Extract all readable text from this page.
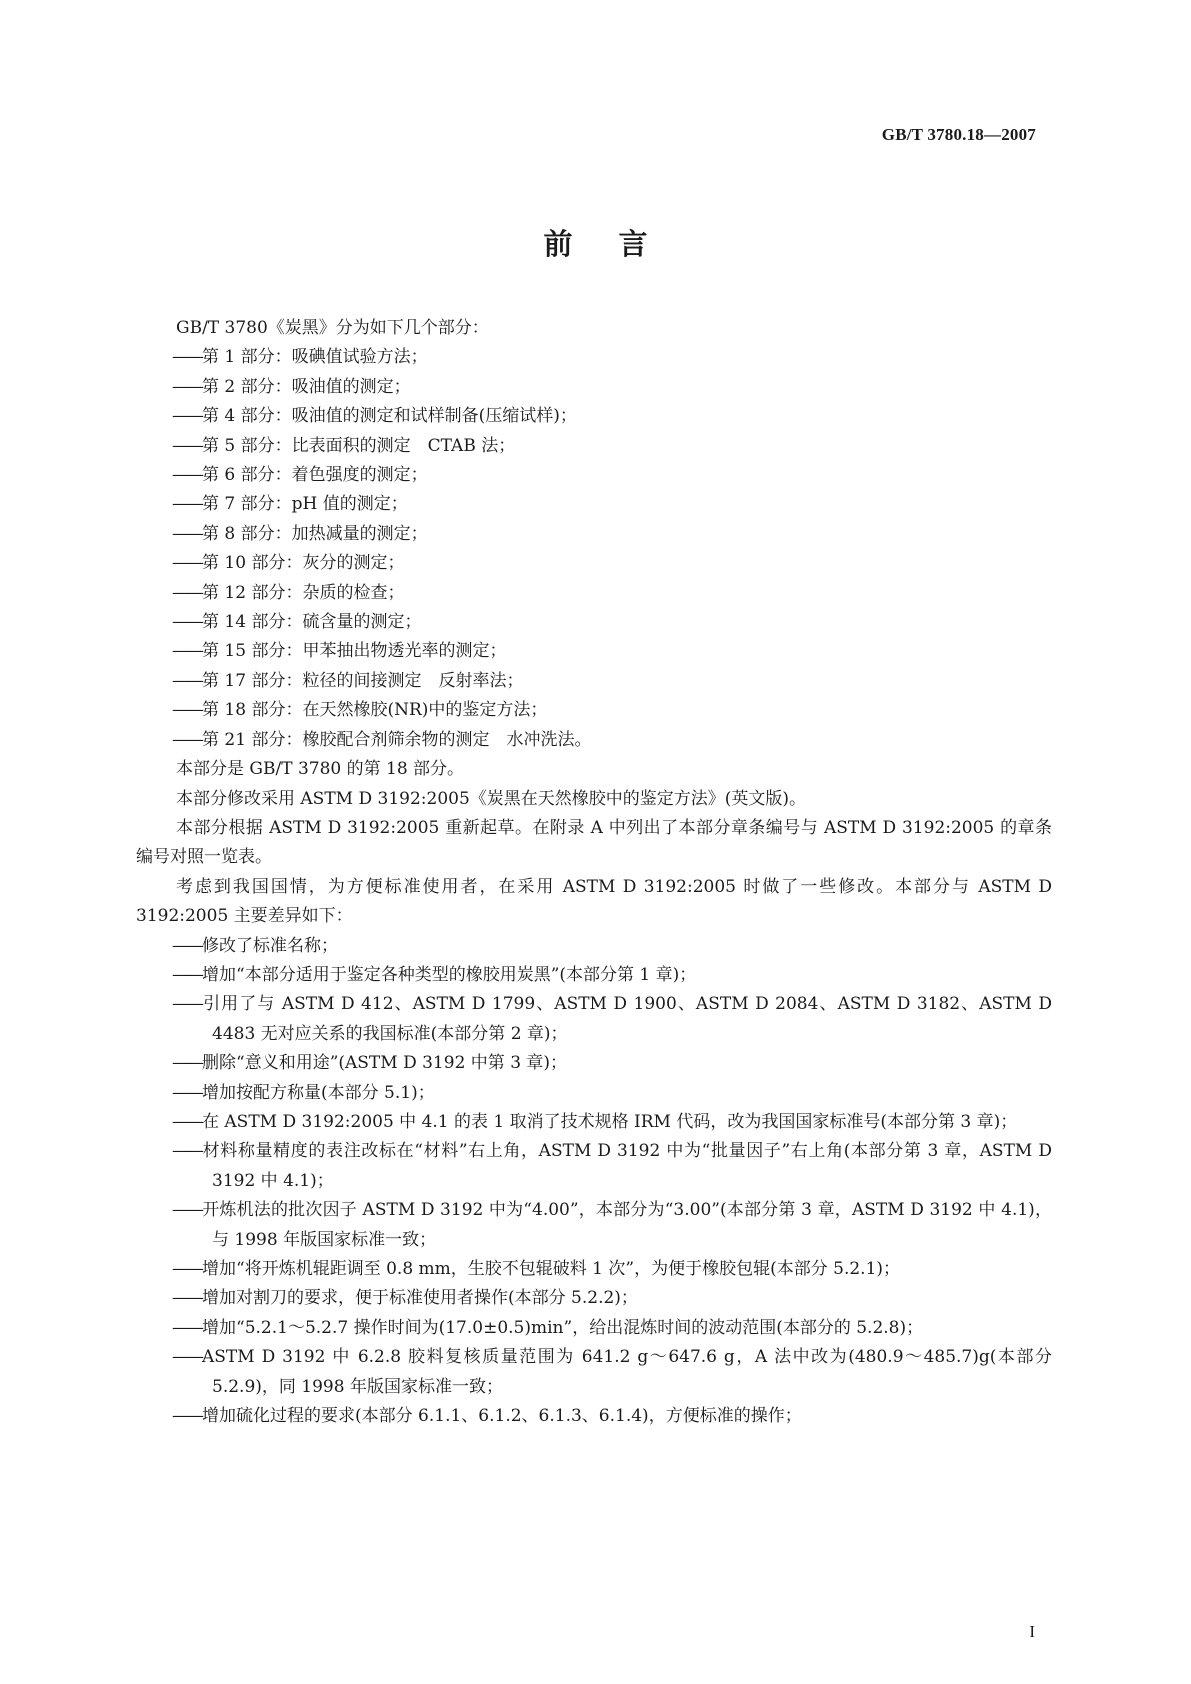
GB/T 3780.18—2007
前言

GB/T 3780《炭黑》分为如下几个部分：

——第 1 部分：吸碘值试验方法；

——第 2 部分：吸油值的测定；

——第 4 部分：吸油值的测定和试样制备(压缩试样)；

——第 5 部分：比表面积的测定　CTAB 法；

——第 6 部分：着色强度的测定；

——第 7 部分：pH 值的测定；

——第 8 部分：加热减量的测定；

——第 10 部分：灰分的测定；

——第 12 部分：杂质的检查；

——第 14 部分：硫含量的测定；

——第 15 部分：甲苯抽出物透光率的测定；

——第 17 部分：粒径的间接测定　反射率法；

——第 18 部分：在天然橡胶(NR)中的鉴定方法；

——第 21 部分：橡胶配合剂筛余物的测定　水冲洗法。

本部分是 GB/T 3780 的第 18 部分。

本部分修改采用 ASTM D 3192:2005《炭黑在天然橡胶中的鉴定方法》(英文版)。

本部分根据 ASTM D 3192:2005 重新起草。在附录 A 中列出了本部分章条编号与 ASTM D 3192:2005 的章条编号对照一览表。

考虑到我国国情，为方便标准使用者，在采用 ASTM D 3192:2005 时做了一些修改。本部分与 ASTM D 3192:2005 主要差异如下：

——修改了标准名称；

——增加“本部分适用于鉴定各种类型的橡胶用炭黑”(本部分第 1 章)；

——引用了与 ASTM D 412、ASTM D 1799、ASTM D 1900、ASTM D 2084、ASTM D 3182、ASTM D 4483 无对应关系的我国标准(本部分第 2 章)；

——删除“意义和用途”(ASTM D 3192 中第 3 章)；

——增加按配方称量(本部分 5.1)；

——在 ASTM D 3192:2005 中 4.1 的表 1 取消了技术规格 IRM 代码，改为我国国家标准号(本部分第 3 章)；

——材料称量精度的表注改标在“材料”右上角，ASTM D 3192 中为“批量因子”右上角(本部分第 3 章，ASTM D 3192 中 4.1)；

——开炼机法的批次因子 ASTM D 3192 中为“4.00”，本部分为“3.00”(本部分第 3 章，ASTM D 3192 中 4.1)，与 1998 年版国家标准一致；

——增加“将开炼机辊距调至 0.8 mm，生胶不包辊破料 1 次”，为便于橡胶包辊(本部分 5.2.1)；

——增加对割刀的要求，便于标准使用者操作(本部分 5.2.2)；

——增加“5.2.1～5.2.7 操作时间为(17.0±0.5)min”，给出混炼时间的波动范围(本部分的 5.2.8)；

——ASTM D 3192 中 6.2.8 胶料复核质量范围为 641.2 g～647.6 g，A 法中改为(480.9～485.7)g(本部分 5.2.9)，同 1998 年版国家标准一致；

——增加硫化过程的要求(本部分 6.1.1、6.1.2、6.1.3、6.1.4)，方便标准的操作；

I
